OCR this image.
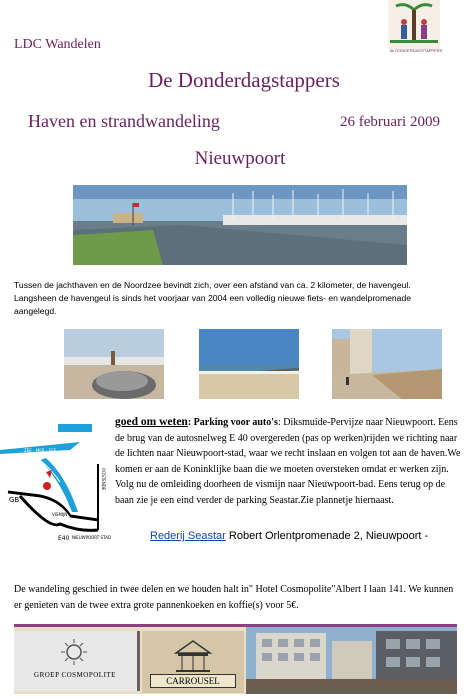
de DONDERDAGSTAPPERS
LDC Wandelen
De Donderdagstappers
Haven en strandwandeling	26 februari 2009
Nieuwpoort
Tussen de jachthaven en de Noordzee bevindt zich, over een afstand van ca. 2 kilometer, de havengeul. Langsheen de havengeul is sinds het voorjaar van 2004 een volledig nieuwe fiets- en wandelpromenade aangelegd.
ZEE - MER - SEE
OOSTENDE
GB
VISMIJN
E40 NIEUWPOORT STAD
goed om weten: Parking voor auto's: Diksmuide-Pervijze naar Nieuwpoort. Eens de brug van de autosnelweg E 40 overgereden (pas op werken)rijden we richting naar de lichten naar Nieuwpoort-stad, waar we recht inslaan en volgen tot aan de haven.We komen er aan de Koninklijke baan die we moeten oversteken omdat er werken zijn. Volg nu de omleiding doorheen de vismijn naar Nieuwpoort-bad. Eens terug op de baan zie je een eind verder de parking Seastar.Zie plannetje hiernaast.
Rederij Seastar Robert Orlentpromenade 2, Nieuwpoort -
De wandeling geschied in twee delen en we houden halt in" Hotel Cosmopolite"Albert I laan 141. We kunnen er genieten van de twee extra grote pannenkoeken en koffie(s) voor 5€.
GROEP COSMOPOLITE
CARROUSEL
